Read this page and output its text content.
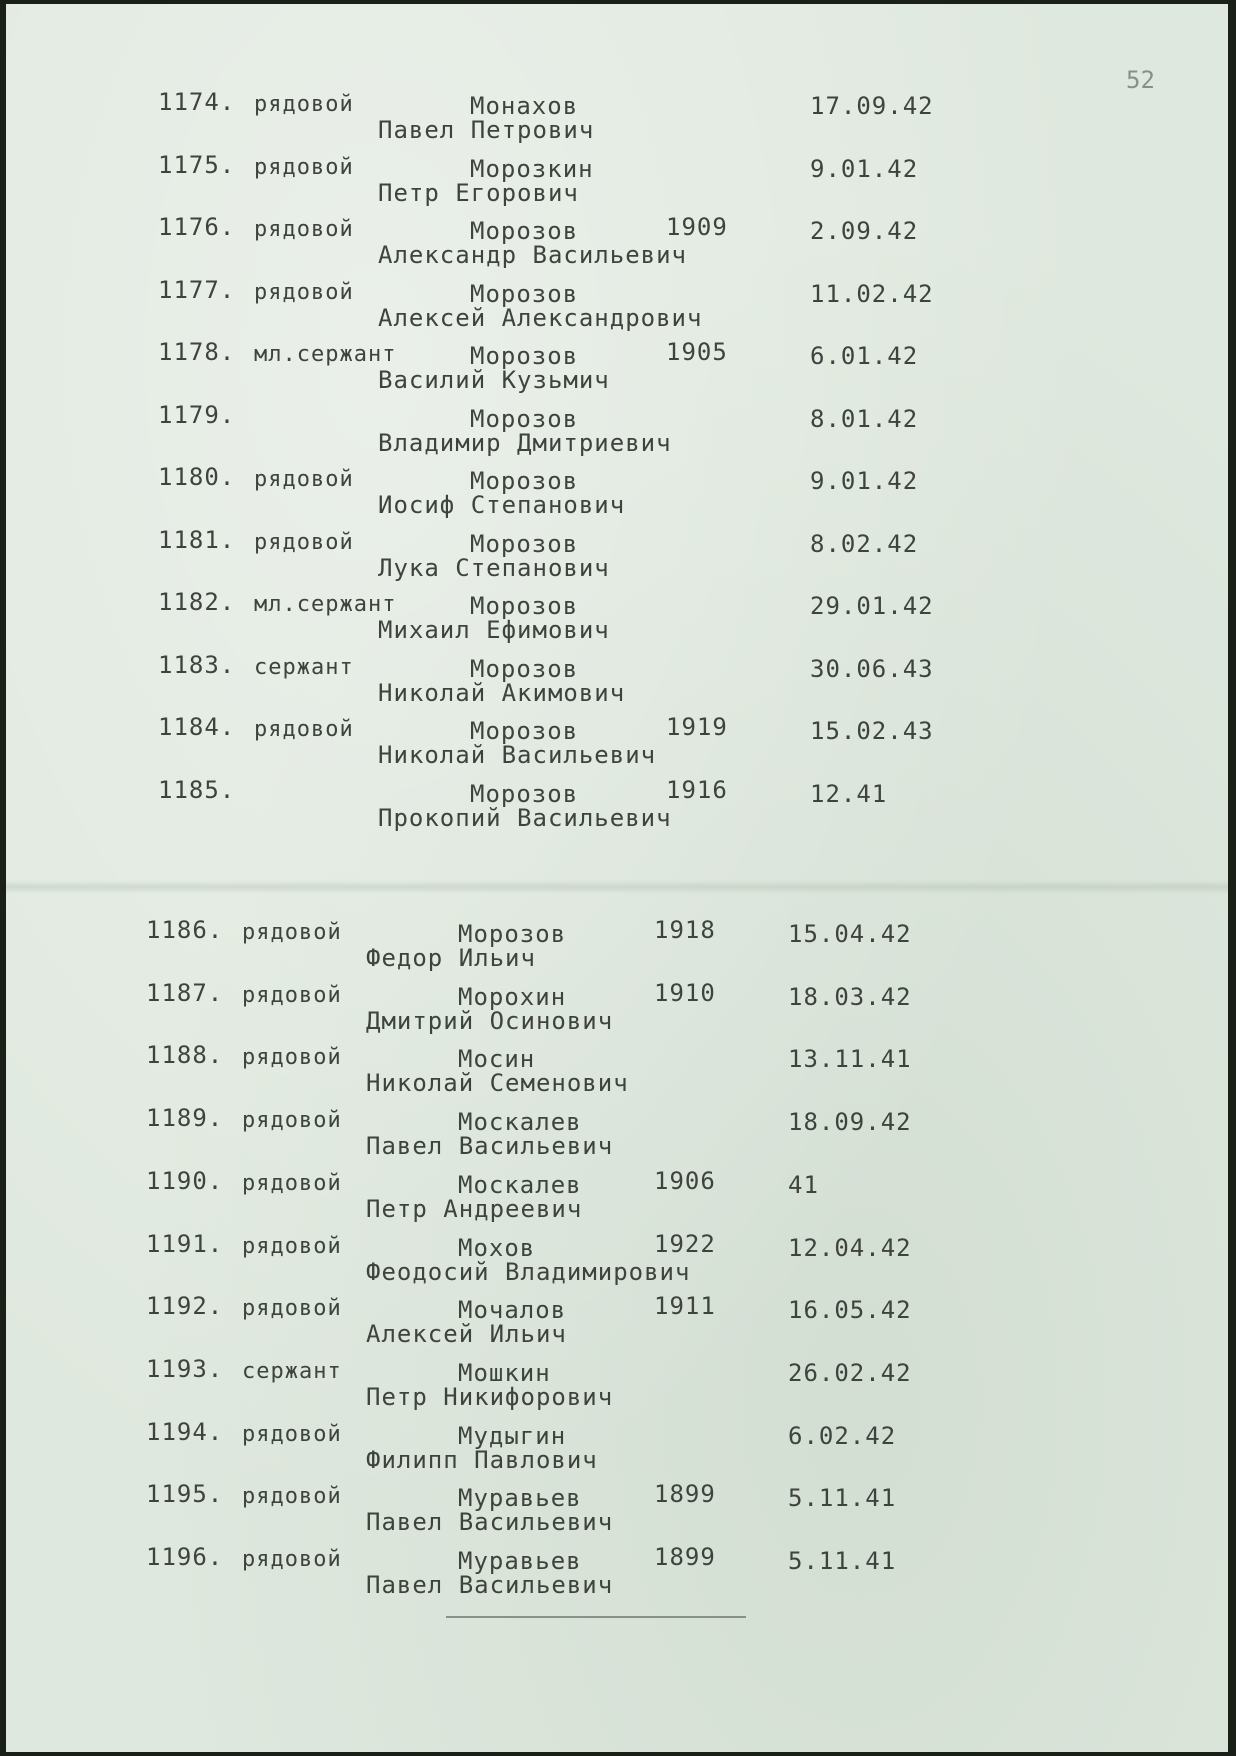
52
1174. рядовой	Монахов	17.09.42
Павел Петрович
1175. рядовой	Морозкин	9.01.42
Петр Егорович
1176. рядовой	Морозов	1909	2.09.42
Александр Васильевич
1177. рядовой	Морозов	11.02.42
Алексей Александрович
1178. мл.сержант	Морозов	1905	6.01.42
Василий Кузьмич
1179.	Морозов	8.01.42
Владимир Дмитриевич
1180. рядовой	Морозов	9.01.42
Иосиф Степанович
1181. рядовой	Морозов	8.02.42
Лука Степанович
1182. мл.сержант	Морозов	29.01.42
Михаил Ефимович
1183. сержант	Морозов	30.06.43
Николай Акимович
1184. рядовой	Морозов	1919	15.02.43
Николай Васильевич
1185.	Морозов	1916	12.41
Прокопий Васильевич
1186. рядовой	Морозов	1918	15.04.42
Федор Ильич
1187. рядовой	Морохин	1910	18.03.42
Дмитрий Осинович
1188. рядовой	Мосин	13.11.41
Николай Семенович
1189. рядовой	Москалев	18.09.42
Павел Васильевич
1190. рядовой	Москалев	1906	41
Петр Андреевич
1191. рядовой	Мохов	1922	12.04.42
Феодосий Владимирович
1192. рядовой	Мочалов	1911	16.05.42
Алексей Ильич
1193. сержант	Мошкин	26.02.42
Петр Никифорович
1194. рядовой	Мудыгин	6.02.42
Филипп Павлович
1195. рядовой	Муравьев	1899	5.11.41
Павел Васильевич
1196. рядовой	Муравьев	1899	5.11.41
Павел Васильевич
